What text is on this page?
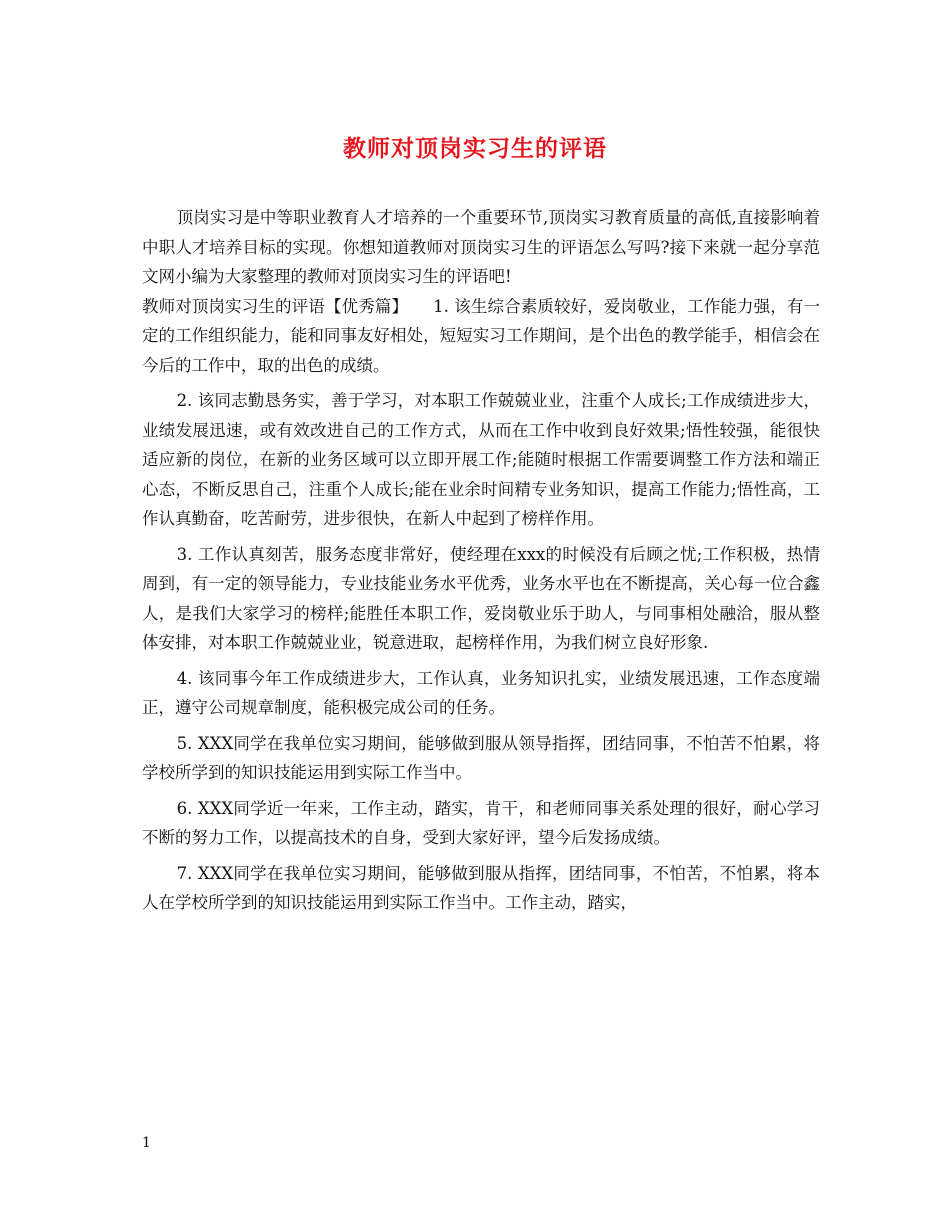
教师对顶岗实习生的评语

顶岗实习是中等职业教育人才培养的一个重要环节,顶岗实习教育质量的高低,直接影响着中职人才培养目标的实现。你想知道教师对顶岗实习生的评语怎么写吗?接下来就一起分享范文网小编为大家整理的教师对顶岗实习生的评语吧!

教师对顶岗实习生的评语【优秀篇】　　1. 该生综合素质较好，爱岗敬业，工作能力强，有一定的工作组织能力，能和同事友好相处，短短实习工作期间，是个出色的教学能手，相信会在今后的工作中，取的出色的成绩。

2. 该同志勤恳务实，善于学习，对本职工作兢兢业业，注重个人成长;工作成绩进步大，业绩发展迅速，或有效改进自己的工作方式，从而在工作中收到良好效果;悟性较强，能很快适应新的岗位，在新的业务区域可以立即开展工作;能随时根据工作需要调整工作方法和端正心态，不断反思自己，注重个人成长;能在业余时间精专业务知识，提高工作能力;悟性高，工作认真勤奋，吃苦耐劳，进步很快，在新人中起到了榜样作用。

3. 工作认真刻苦，服务态度非常好，使经理在xxx的时候没有后顾之忧;工作积极，热情周到，有一定的领导能力，专业技能业务水平优秀，业务水平也在不断提高，关心每一位合鑫人，是我们大家学习的榜样;能胜任本职工作，爱岗敬业乐于助人，与同事相处融洽，服从整体安排，对本职工作兢兢业业，锐意进取，起榜样作用，为我们树立良好形象.

4. 该同事今年工作成绩进步大，工作认真，业务知识扎实，业绩发展迅速，工作态度端正，遵守公司规章制度，能积极完成公司的任务。

5. XXX同学在我单位实习期间，能够做到服从领导指挥，团结同事，不怕苦不怕累，将学校所学到的知识技能运用到实际工作当中。

6. XXX同学近一年来，工作主动，踏实，肯干，和老师同事关系处理的很好，耐心学习不断的努力工作，以提高技术的自身，受到大家好评，望今后发扬成绩。

7. XXX同学在我单位实习期间，能够做到服从指挥，团结同事，不怕苦，不怕累，将本人在学校所学到的知识技能运用到实际工作当中。工作主动，踏实，

1
